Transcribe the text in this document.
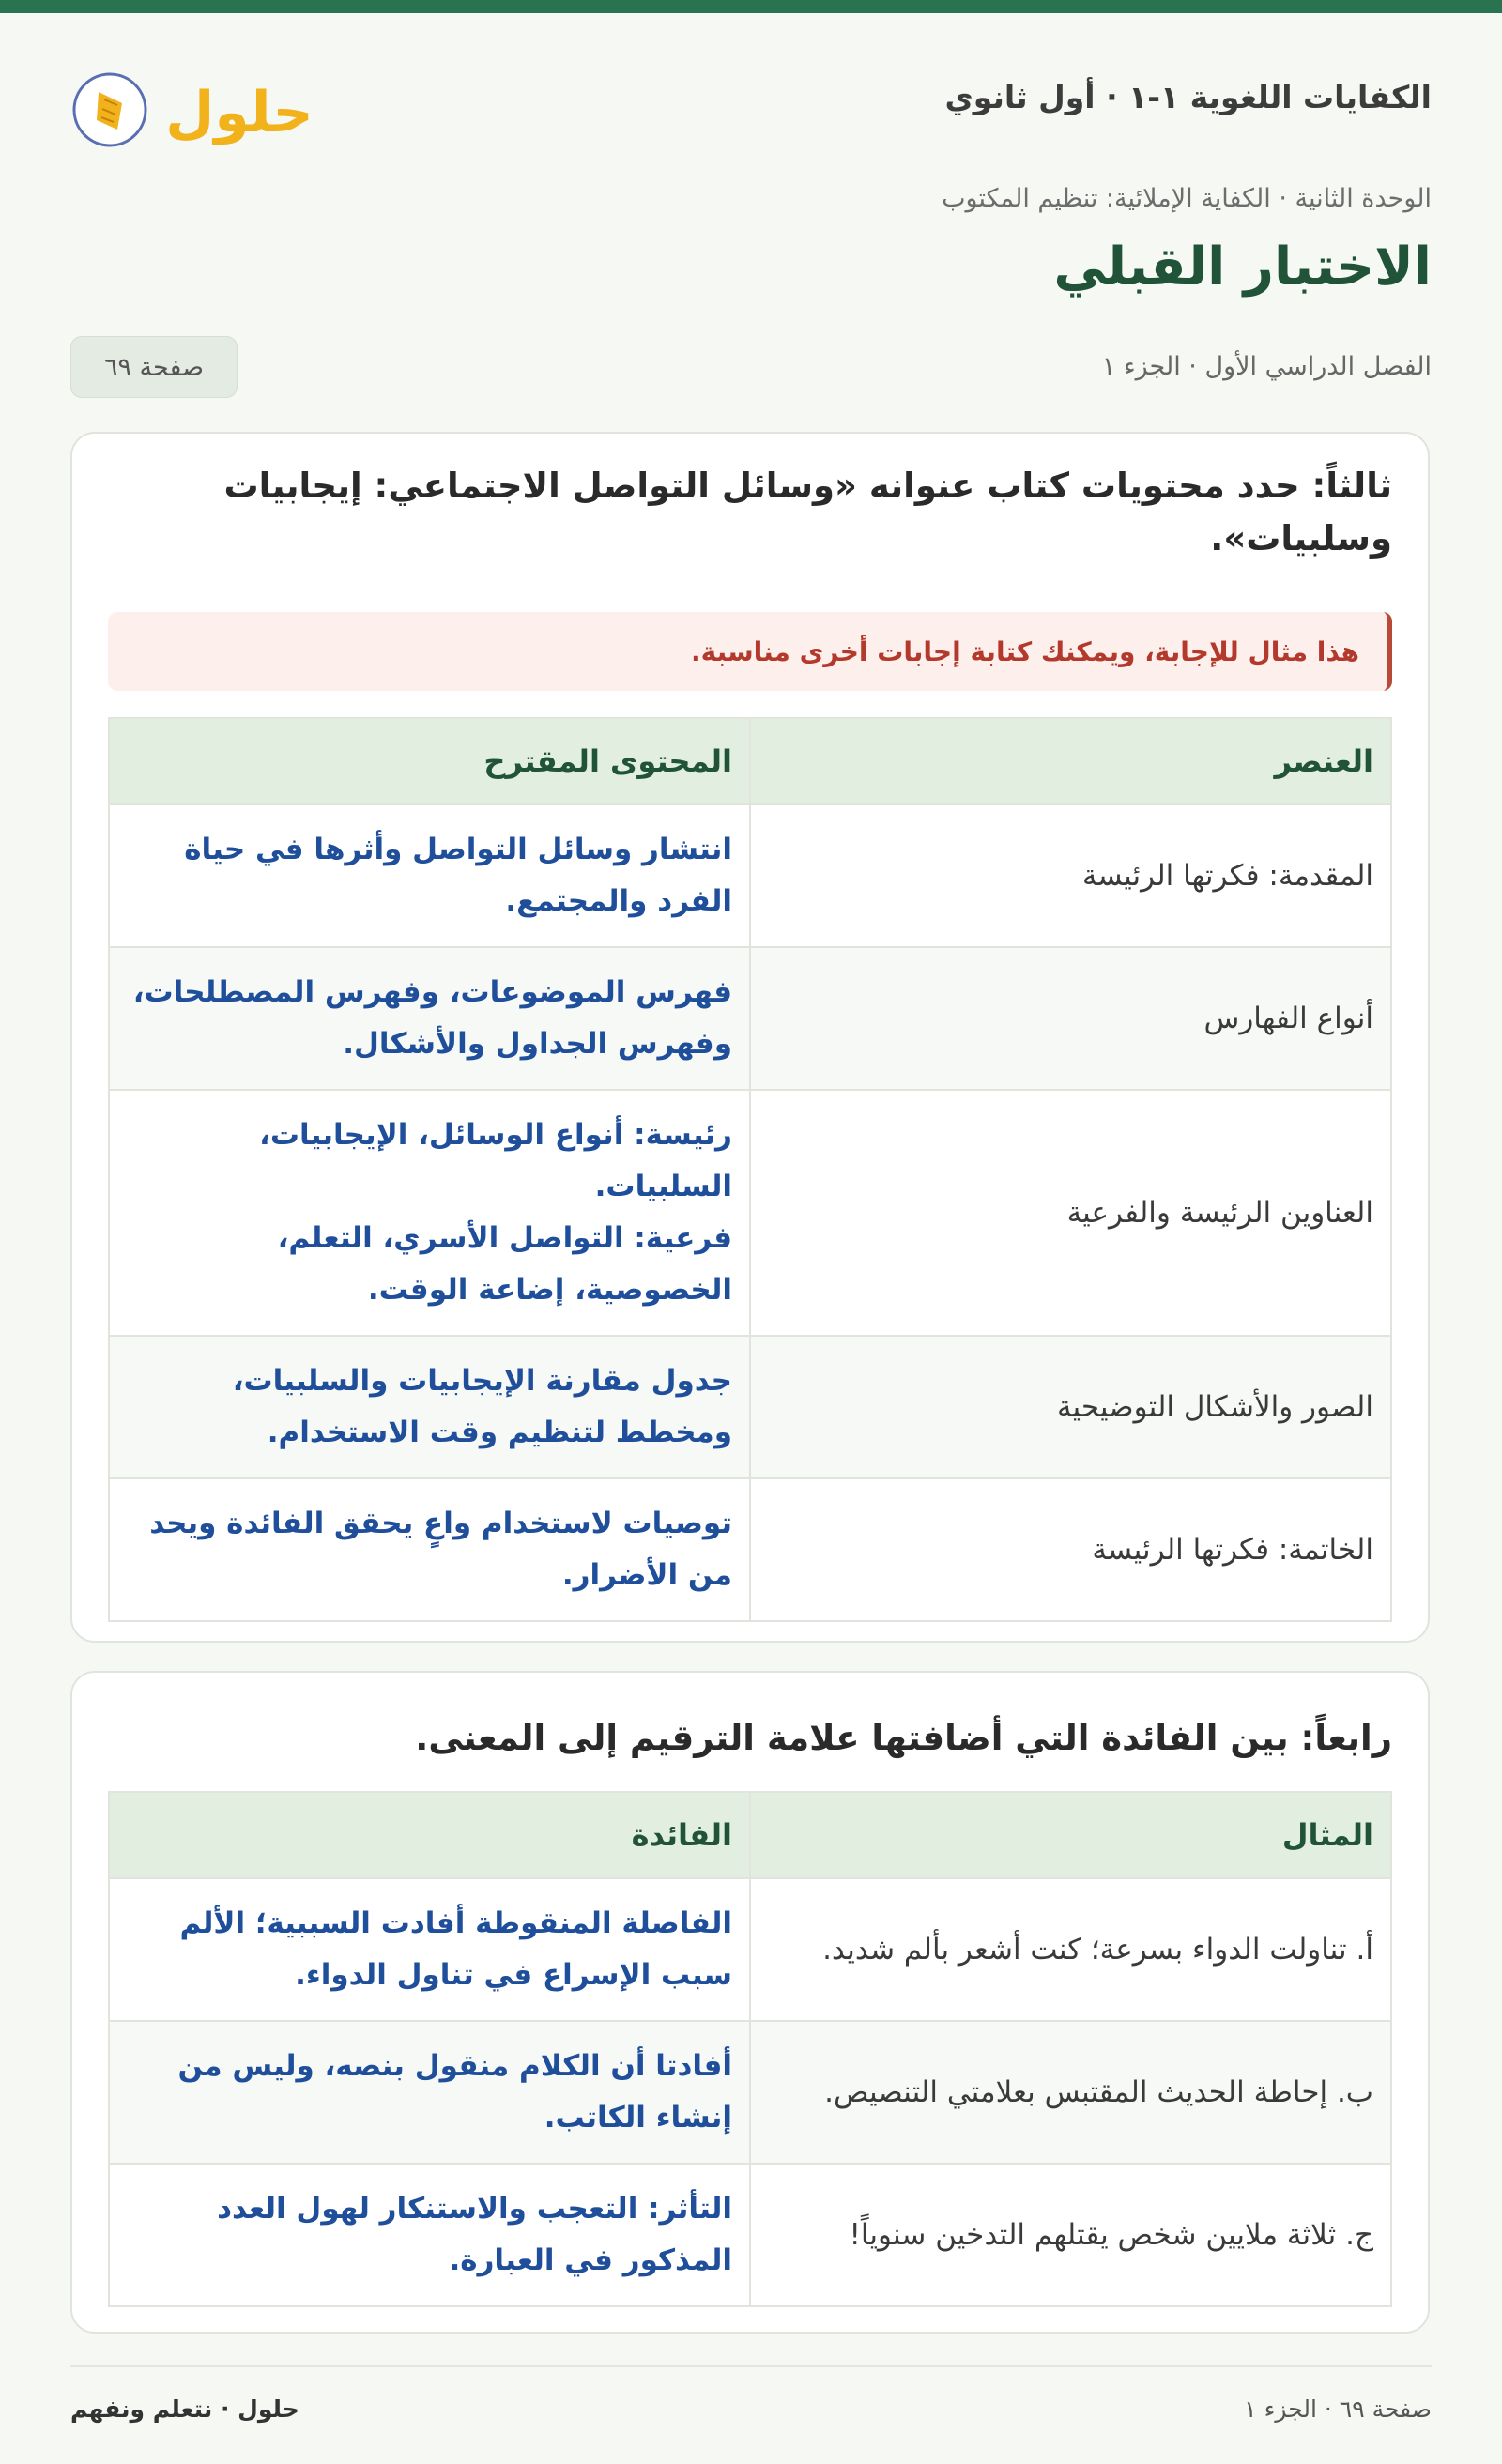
الكفايات اللغوية ١-١ · أول ثانوي
حلول
الوحدة الثانية · الكفاية الإملائية: تنظيم المكتوب
الاختبار القبلي
الفصل الدراسي الأول · الجزء ١
صفحة ٦٩
ثالثاً: حدد محتويات كتاب عنوانه «وسائل التواصل الاجتماعي: إيجابيات وسلبيات».
هذا مثال للإجابة، ويمكنك كتابة إجابات أخرى مناسبة.
العنصر	المحتوى المقترح
المقدمة: فكرتها الرئيسة	انتشار وسائل التواصل وأثرها في حياة الفرد والمجتمع.
أنواع الفهارس	فهرس الموضوعات، وفهرس المصطلحات، وفهرس الجداول والأشكال.
العناوين الرئيسة والفرعية	رئيسة: أنواع الوسائل، الإيجابيات، السلبيات.
فرعية: التواصل الأسري، التعلم، الخصوصية، إضاعة الوقت.

الصور والأشكال التوضيحية	جدول مقارنة الإيجابيات والسلبيات، ومخطط لتنظيم وقت الاستخدام.
الخاتمة: فكرتها الرئيسة	توصيات لاستخدام واعٍ يحقق الفائدة ويحد من الأضرار.
رابعاً: بين الفائدة التي أضافتها علامة الترقيم إلى المعنى.
المثال	الفائدة
أ. تناولت الدواء بسرعة؛ كنت أشعر بألم شديد.	الفاصلة المنقوطة أفادت السببية؛ الألم سبب الإسراع في تناول الدواء.
ب. إحاطة الحديث المقتبس بعلامتي التنصيص.	أفادتا أن الكلام منقول بنصه، وليس من إنشاء الكاتب.
ج. ثلاثة ملايين شخص يقتلهم التدخين سنوياً!	التأثر: التعجب والاستنكار لهول العدد المذكور في العبارة.
حلول · نتعلم ونفهم	صفحة ٦٩ · الجزء ١
